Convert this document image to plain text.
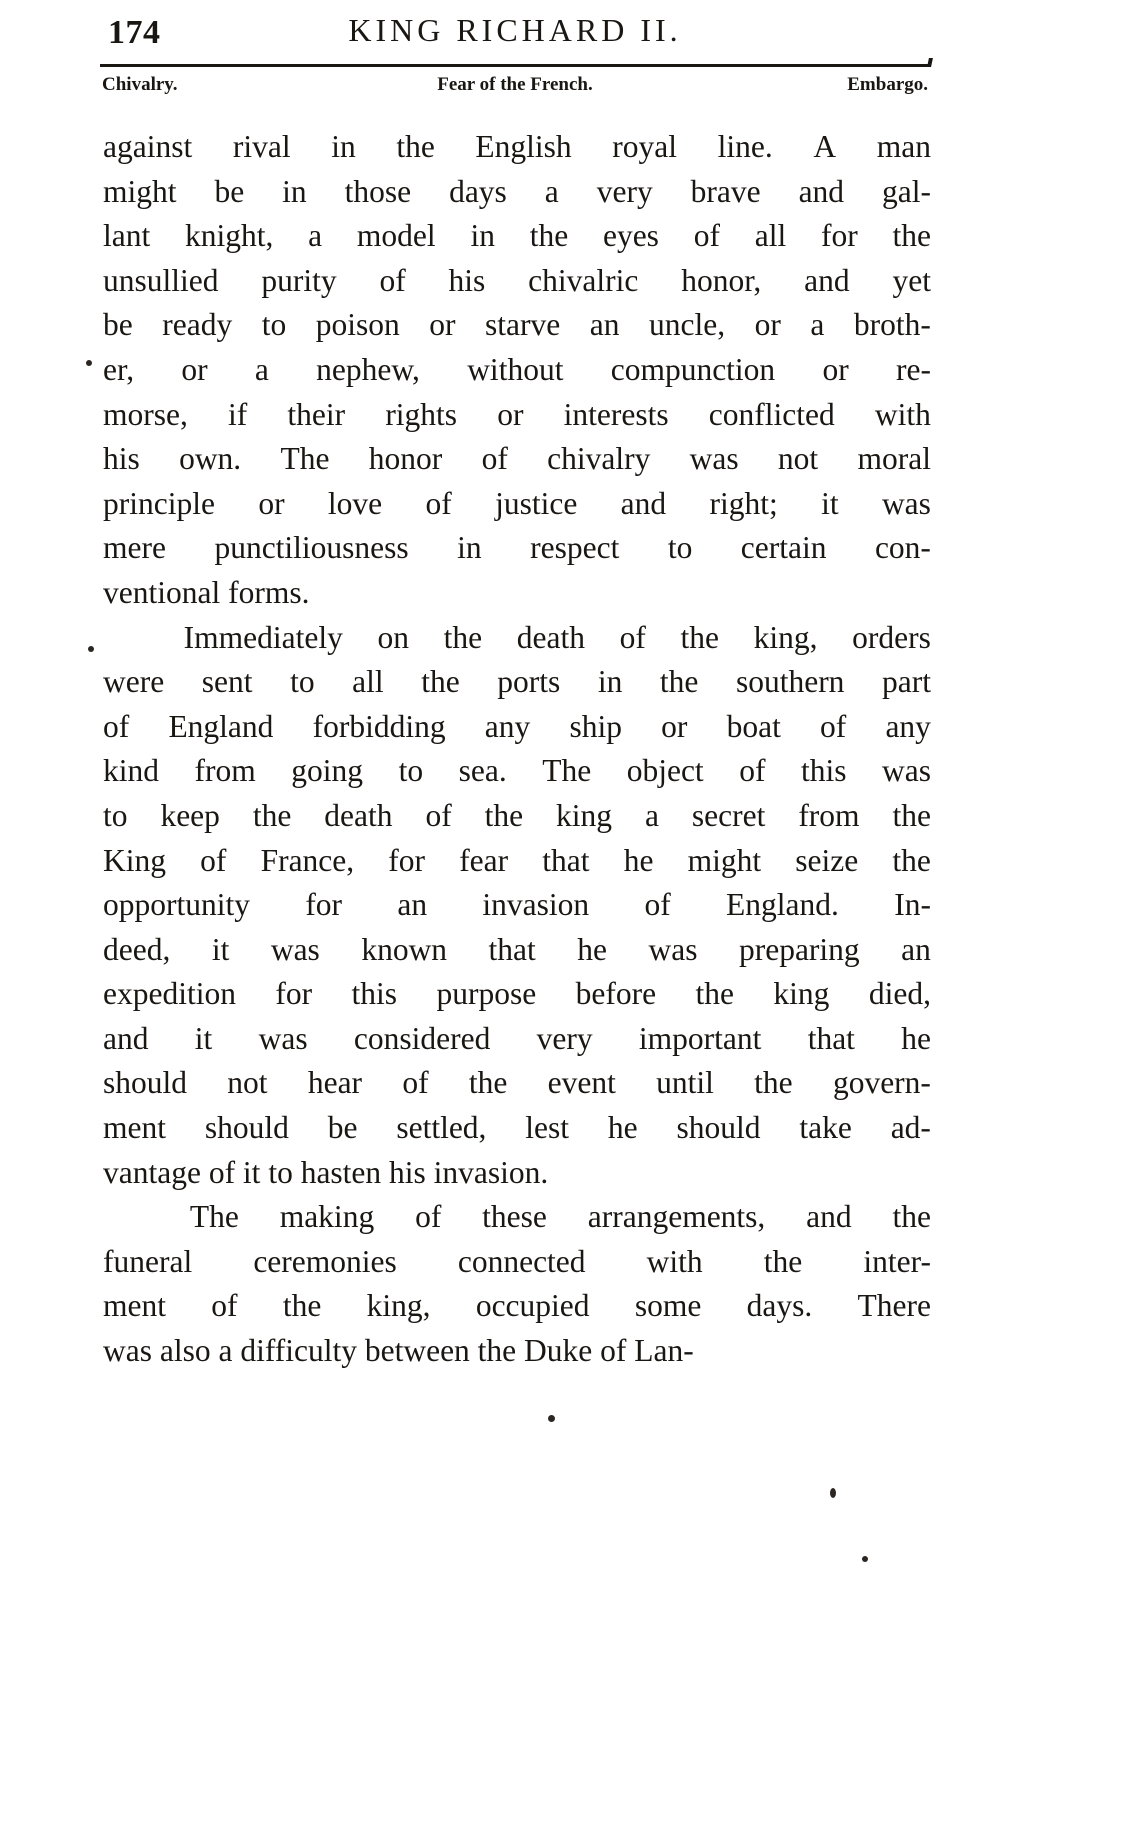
174	KING RICHARD II.
Chivalry.	Fear of the French.	Embargo.
against rival in the English royal line. A man
might be in those days a very brave and gal-
lant knight, a model in the eyes of all for the
unsullied purity of his chivalric honor, and yet
be ready to poison or starve an uncle, or a broth-
er, or a nephew, without compunction or re-
morse, if their rights or interests conflicted with
his own. The honor of chivalry was not moral
principle or love of justice and right; it was
mere punctiliousness in respect to certain con-
ventional forms.
Immediately on the death of the king, orders
were sent to all the ports in the southern part
of England forbidding any ship or boat of any
kind from going to sea. The object of this was
to keep the death of the king a secret from the
King of France, for fear that he might seize the
opportunity for an invasion of England. In-
deed, it was known that he was preparing an
expedition for this purpose before the king died,
and it was considered very important that he
should not hear of the event until the govern-
ment should be settled, lest he should take ad-
vantage of it to hasten his invasion.
The making of these arrangements, and the
funeral ceremonies connected with the inter-
ment of the king, occupied some days. There
was also a difficulty between the Duke of Lan-
